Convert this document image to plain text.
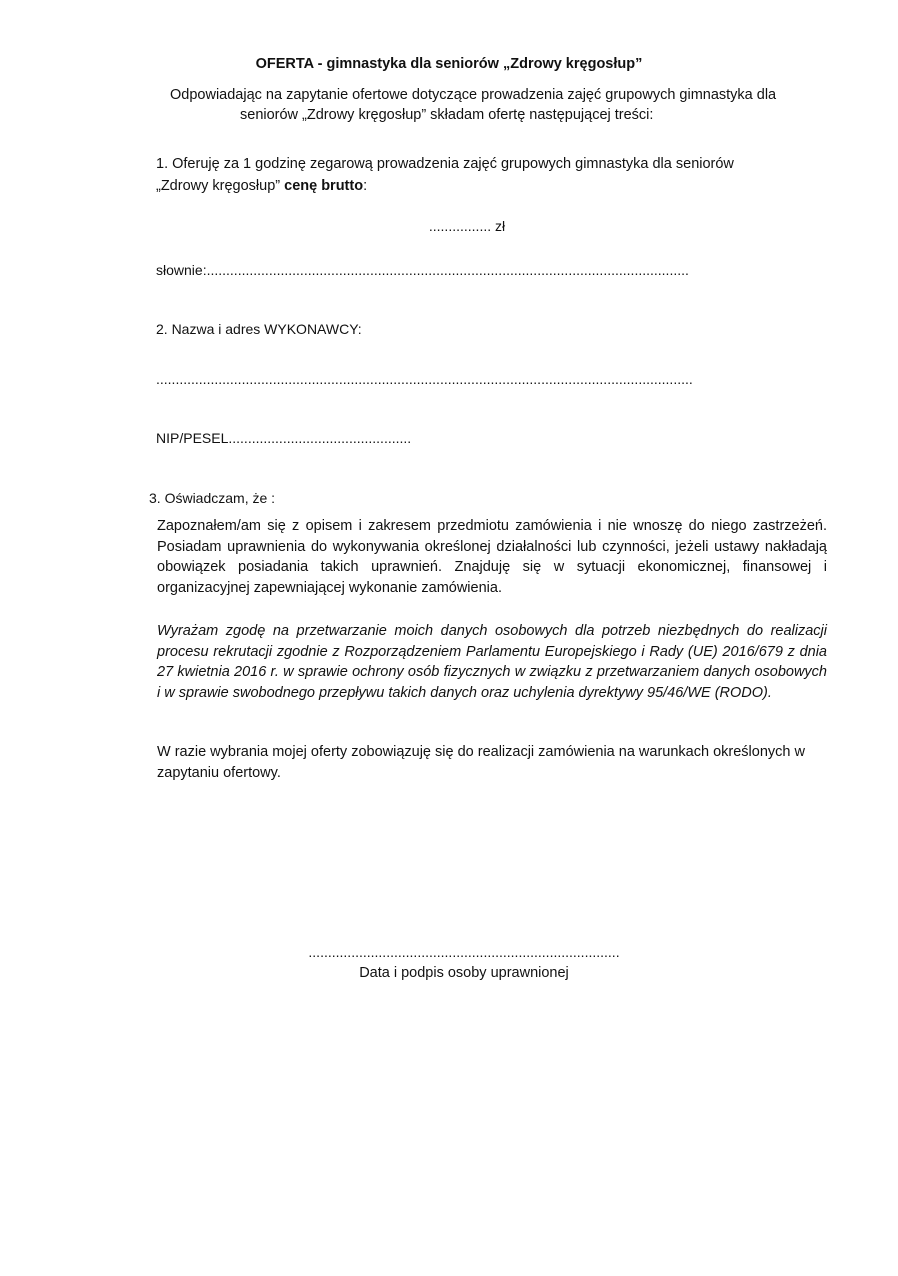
OFERTA - gimnastyka dla seniorów „Zdrowy kręgosłup”
Odpowiadając na zapytanie ofertowe dotyczące prowadzenia zajęć grupowych gimnastyka dla
seniorów „Zdrowy kręgosłup” składam ofertę następującej treści:
1. Oferuję za 1 godzinę zegarową prowadzenia zajęć grupowych gimnastyka dla seniorów
„Zdrowy kręgosłup” cenę brutto:
................ zł
słownie:............................................................................................................................
2. Nazwa i adres WYKONAWCY:
..........................................................................................................................................
NIP/PESEL...............................................
3. Oświadczam, że :
Zapoznałem/am się z opisem i zakresem przedmiotu zamówienia i nie wnoszę do niego zastrzeżeń. Posiadam uprawnienia do wykonywania określonej działalności lub czynności, jeżeli ustawy nakładają obowiązek posiadania takich uprawnień. Znajduję się w sytuacji ekonomicznej, finansowej i organizacyjnej zapewniającej wykonanie zamówienia.
Wyrażam zgodę na przetwarzanie moich danych osobowych dla potrzeb niezbędnych do realizacji procesu rekrutacji zgodnie z Rozporządzeniem Parlamentu Europejskiego i Rady (UE) 2016/679 z dnia 27 kwietnia 2016 r. w sprawie ochrony osób fizycznych w związku z przetwarzaniem danych osobowych i w sprawie swobodnego przepływu takich danych oraz uchylenia dyrektywy 95/46/WE (RODO).
W razie wybrania mojej oferty zobowiązuję się do realizacji zamówienia na warunkach określonych w zapytaniu ofertowy.
................................................................................
Data i podpis osoby uprawnionej
